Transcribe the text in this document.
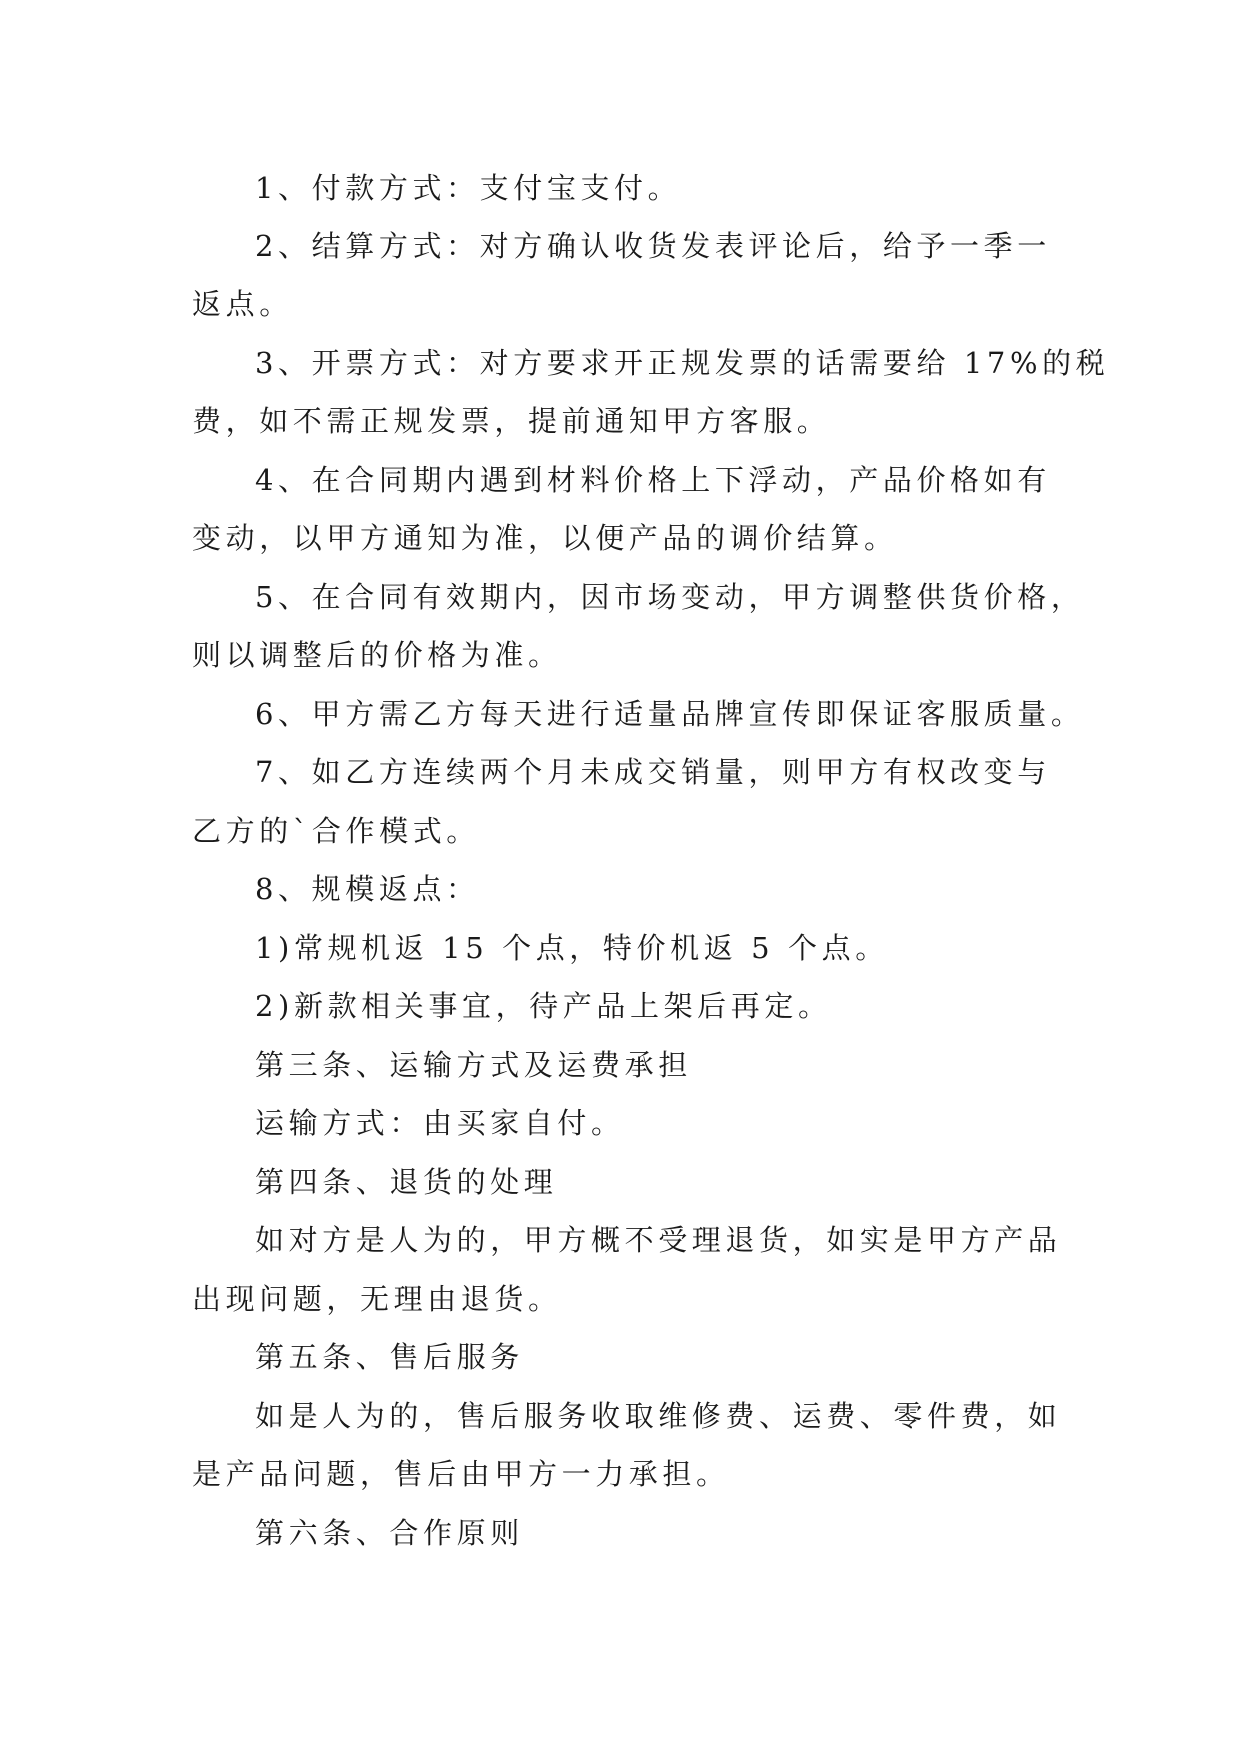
1、付款方式：支付宝支付。
2、结算方式：对方确认收货发表评论后，给予一季一
返点。
3、开票方式：对方要求开正规发票的话需要给 17%的税
费，如不需正规发票，提前通知甲方客服。
4、在合同期内遇到材料价格上下浮动，产品价格如有
变动，以甲方通知为准，以便产品的调价结算。
5、在合同有效期内，因市场变动，甲方调整供货价格，
则以调整后的价格为准。
6、甲方需乙方每天进行适量品牌宣传即保证客服质量。
7、如乙方连续两个月未成交销量，则甲方有权改变与
乙方的`合作模式。
8、规模返点：
1)常规机返 15 个点，特价机返 5 个点。
2)新款相关事宜，待产品上架后再定。
第三条、运输方式及运费承担
运输方式：由买家自付。
第四条、退货的处理
如对方是人为的，甲方概不受理退货，如实是甲方产品
出现问题，无理由退货。
第五条、售后服务
如是人为的，售后服务收取维修费、运费、零件费，如
是产品问题，售后由甲方一力承担。
第六条、合作原则
